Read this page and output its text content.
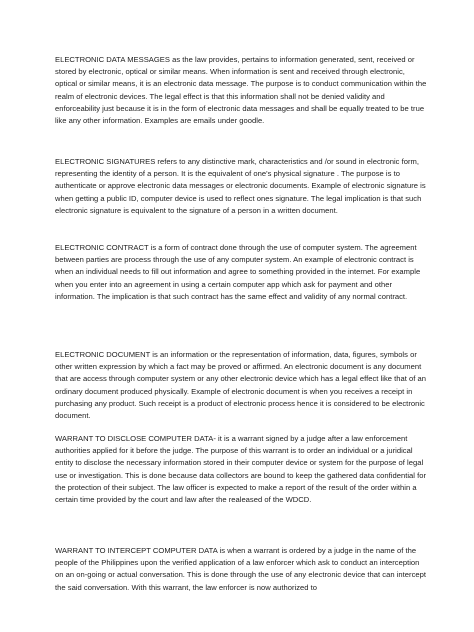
ELECTRONIC DATA MESSAGES as the law provides, pertains to information generated, sent, received or stored by electronic, optical or similar means. When information is sent and received through electronic, optical or similar means, it is an electronic data message. The purpose is to conduct communication within the realm of electronic devices. The legal effect is that this information shall not be denied validity and enforceability just because it is in the form of electronic data messages and shall be equally treated to be true like any other information. Examples are emails under goodle.

ELECTRONIC SIGNATURES refers to any distinctive mark, characteristics and /or sound in electronic form, representing the identity of a person. It is the equivalent of one's physical signature . The purpose is to authenticate or approve electronic data messages or electronic documents. Example of electronic signature is when getting a public ID, computer device is used to reflect ones signature. The legal implication is that such electronic signature is equivalent to the signature of a person in a written document.

ELECTRONIC CONTRACT is a form of contract done through the use of computer system. The agreement between parties are process through the use of any computer system. An example of electronic contract is when an individual needs to fill out information and agree to something provided in the internet. For example when you enter into an agreement in using a certain computer app which ask for payment and other information. The implication is that such contract has the same effect and validity of any normal contract.

ELECTRONIC DOCUMENT is an information or the representation of information, data, figures, symbols or other written expression by which a fact may be proved or affirmed. An electronic document is any document that are access through computer system or any other electronic device which has a legal effect like that of an ordinary document produced physically. Example of electronic document is when you receives a receipt in purchasing any product. Such receipt is a product of electronic process hence it is considered to be electronic document.

WARRANT TO DISCLOSE COMPUTER DATA- it is a warrant signed by a judge after a law enforcement authorities applied for it before the judge. The purpose of this warrant is to order an individual or a juridical entity to disclose the necessary information stored in their computer device or system for the purpose of legal use or investigation. This is done because data collectors are bound to keep the gathered data confidential for the protection of their subject. The law officer is expected to make a report of the result of the order within a certain time provided by the court and law after the realeased of the WDCD.

WARRANT TO INTERCEPT COMPUTER DATA is when a warrant is ordered by a judge in the name of the people of the Philippines upon the verified application of a law enforcer which ask to conduct an interception on an on-going or actual conversation. This is done through the use of any electronic device that can intercept the said conversation. With this warrant, the law enforcer is now authorized to
